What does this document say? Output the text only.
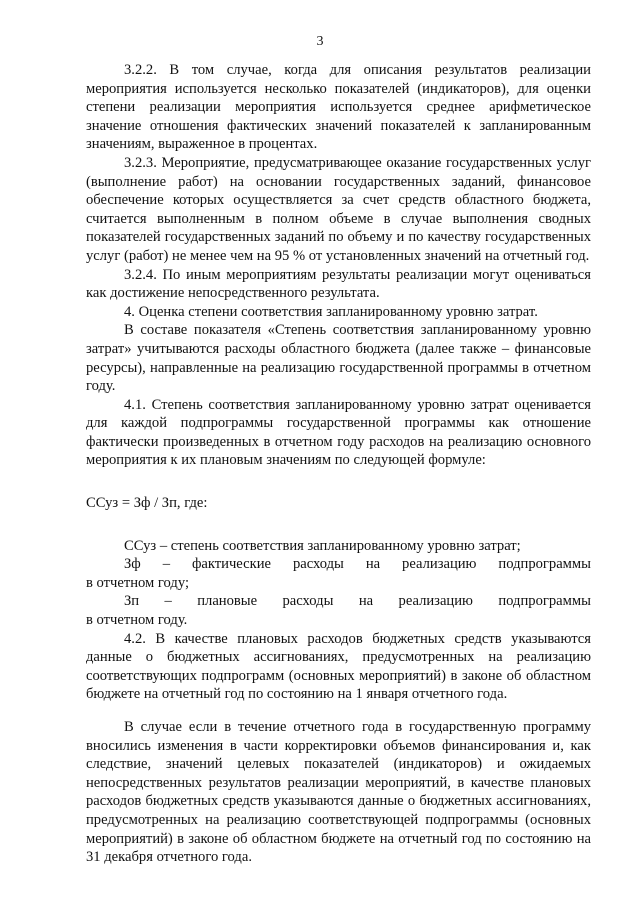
3

3.2.2. В том случае, когда для описания результатов реализации мероприятия используется несколько показателей (индикаторов), для оценки степени реализации мероприятия используется среднее арифметическое значение отношения фактических значений показателей к запланированным значениям, выраженное в процентах.

3.2.3. Мероприятие, предусматривающее оказание государственных услуг (выполнение работ) на основании государственных заданий, финансовое обеспечение которых осуществляется за счет средств областного бюджета, считается выполненным в полном объеме в случае выполнения сводных показателей государственных заданий по объему и по качеству государственных услуг (работ) не менее чем на 95 % от установленных значений на отчетный год.

3.2.4. По иным мероприятиям результаты реализации могут оцениваться как достижение непосредственного результата.

4. Оценка степени соответствия запланированному уровню затрат.

В составе показателя «Степень соответствия запланированному уровню затрат» учитываются расходы областного бюджета (далее также – финансовые ресурсы), направленные на реализацию государственной программы в отчетном году.

4.1. Степень соответствия запланированному уровню затрат оценивается для каждой подпрограммы государственной программы как отношение фактически произведенных в отчетном году расходов на реализацию основного мероприятия к их плановым значениям по следующей формуле:

ССуз = Зф / Зп, где:

ССуз – степень соответствия запланированному уровню затрат;

Зф – фактические расходы на реализацию подпрограммы

в отчетном году;

Зп – плановые расходы на реализацию подпрограммы

в отчетном году.

4.2. В качестве плановых расходов бюджетных средств указываются данные о бюджетных ассигнованиях, предусмотренных на реализацию соответствующих подпрограмм (основных мероприятий) в законе об областном бюджете на отчетный год по состоянию на 1 января отчетного года.

В случае если в течение отчетного года в государственную программу вносились изменения в части корректировки объемов финансирования и, как следствие, значений целевых показателей (индикаторов) и ожидаемых непосредственных результатов реализации мероприятий, в качестве плановых расходов бюджетных средств указываются данные о бюджетных ассигнованиях, предусмотренных на реализацию соответствующей подпрограммы (основных мероприятий) в законе об областном бюджете на отчетный год по состоянию на 31 декабря отчетного года.
